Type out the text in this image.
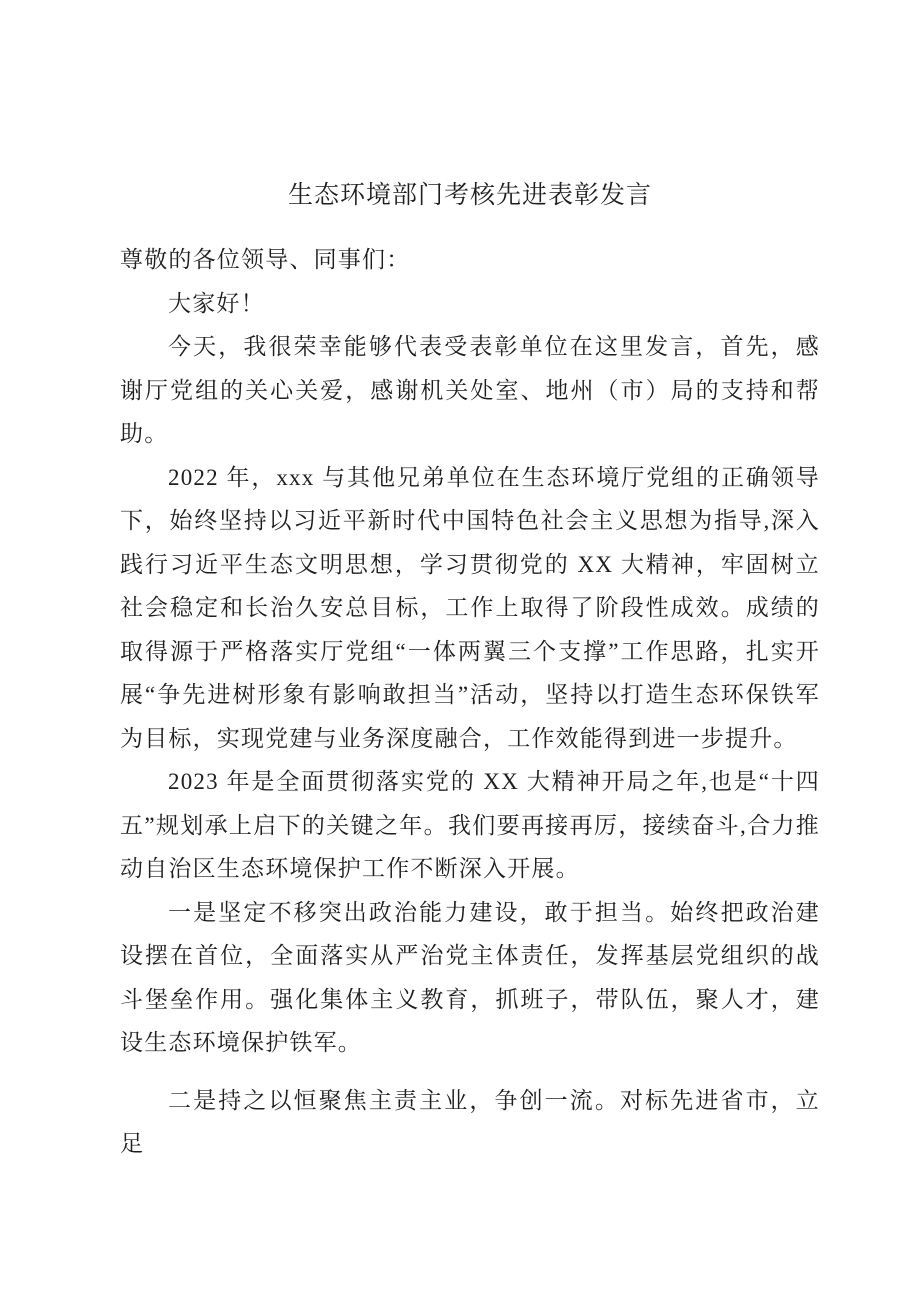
生态环境部门考核先进表彰发言

尊敬的各位领导、同事们：

大家好！

今天，我很荣幸能够代表受表彰单位在这里发言，首先，感谢厅党组的关心关爱，感谢机关处室、地州（市）局的支持和帮助。

2022 年，xxx 与其他兄弟单位在生态环境厅党组的正确领导下，始终坚持以习近平新时代中国特色社会主义思想为指导,深入践行习近平生态文明思想，学习贯彻党的 XX 大精神，牢固树立社会稳定和长治久安总目标，工作上取得了阶段性成效。成绩的取得源于严格落实厅党组“一体两翼三个支撑”工作思路，扎实开展“争先进树形象有影响敢担当”活动，坚持以打造生态环保铁军为目标，实现党建与业务深度融合，工作效能得到进一步提升。

2023 年是全面贯彻落实党的 XX 大精神开局之年,也是“十四五”规划承上启下的关键之年。我们要再接再厉，接续奋斗,合力推动自治区生态环境保护工作不断深入开展。

一是坚定不移突出政治能力建设，敢于担当。始终把政治建设摆在首位，全面落实从严治党主体责任，发挥基层党组织的战斗堡垒作用。强化集体主义教育，抓班子，带队伍，聚人才，建设生态环境保护铁军。

二是持之以恒聚焦主责主业，争创一流。对标先进省市，立足
